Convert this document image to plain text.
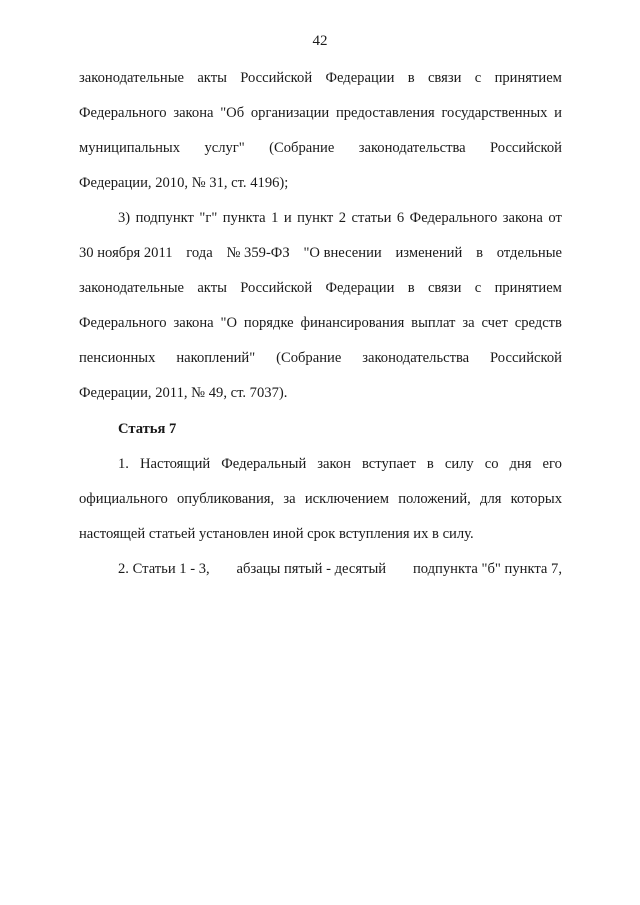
42
законодательные акты Российской Федерации в связи с принятием
Федерального закона "Об организации предоставления государственных и
муниципальных услуг" (Собрание законодательства Российской
Федерации, 2010, № 31, ст. 4196);
3) подпункт "г" пункта 1 и пункт 2 статьи 6 Федерального закона от
30 ноября 2011 года № 359-ФЗ "О внесении изменений в отдельные
законодательные акты Российской Федерации в связи с принятием
Федерального закона "О порядке финансирования выплат за счет средств
пенсионных накоплений" (Собрание законодательства Российской
Федерации, 2011, № 49, ст. 7037).
Статья 7
1. Настоящий Федеральный закон вступает в силу со дня его
официального опубликования, за исключением положений, для которых
настоящей статьей установлен иной срок вступления их в силу.
2. Статьи 1 - 3, абзацы пятый - десятый подпункта "б" пункта 7,
